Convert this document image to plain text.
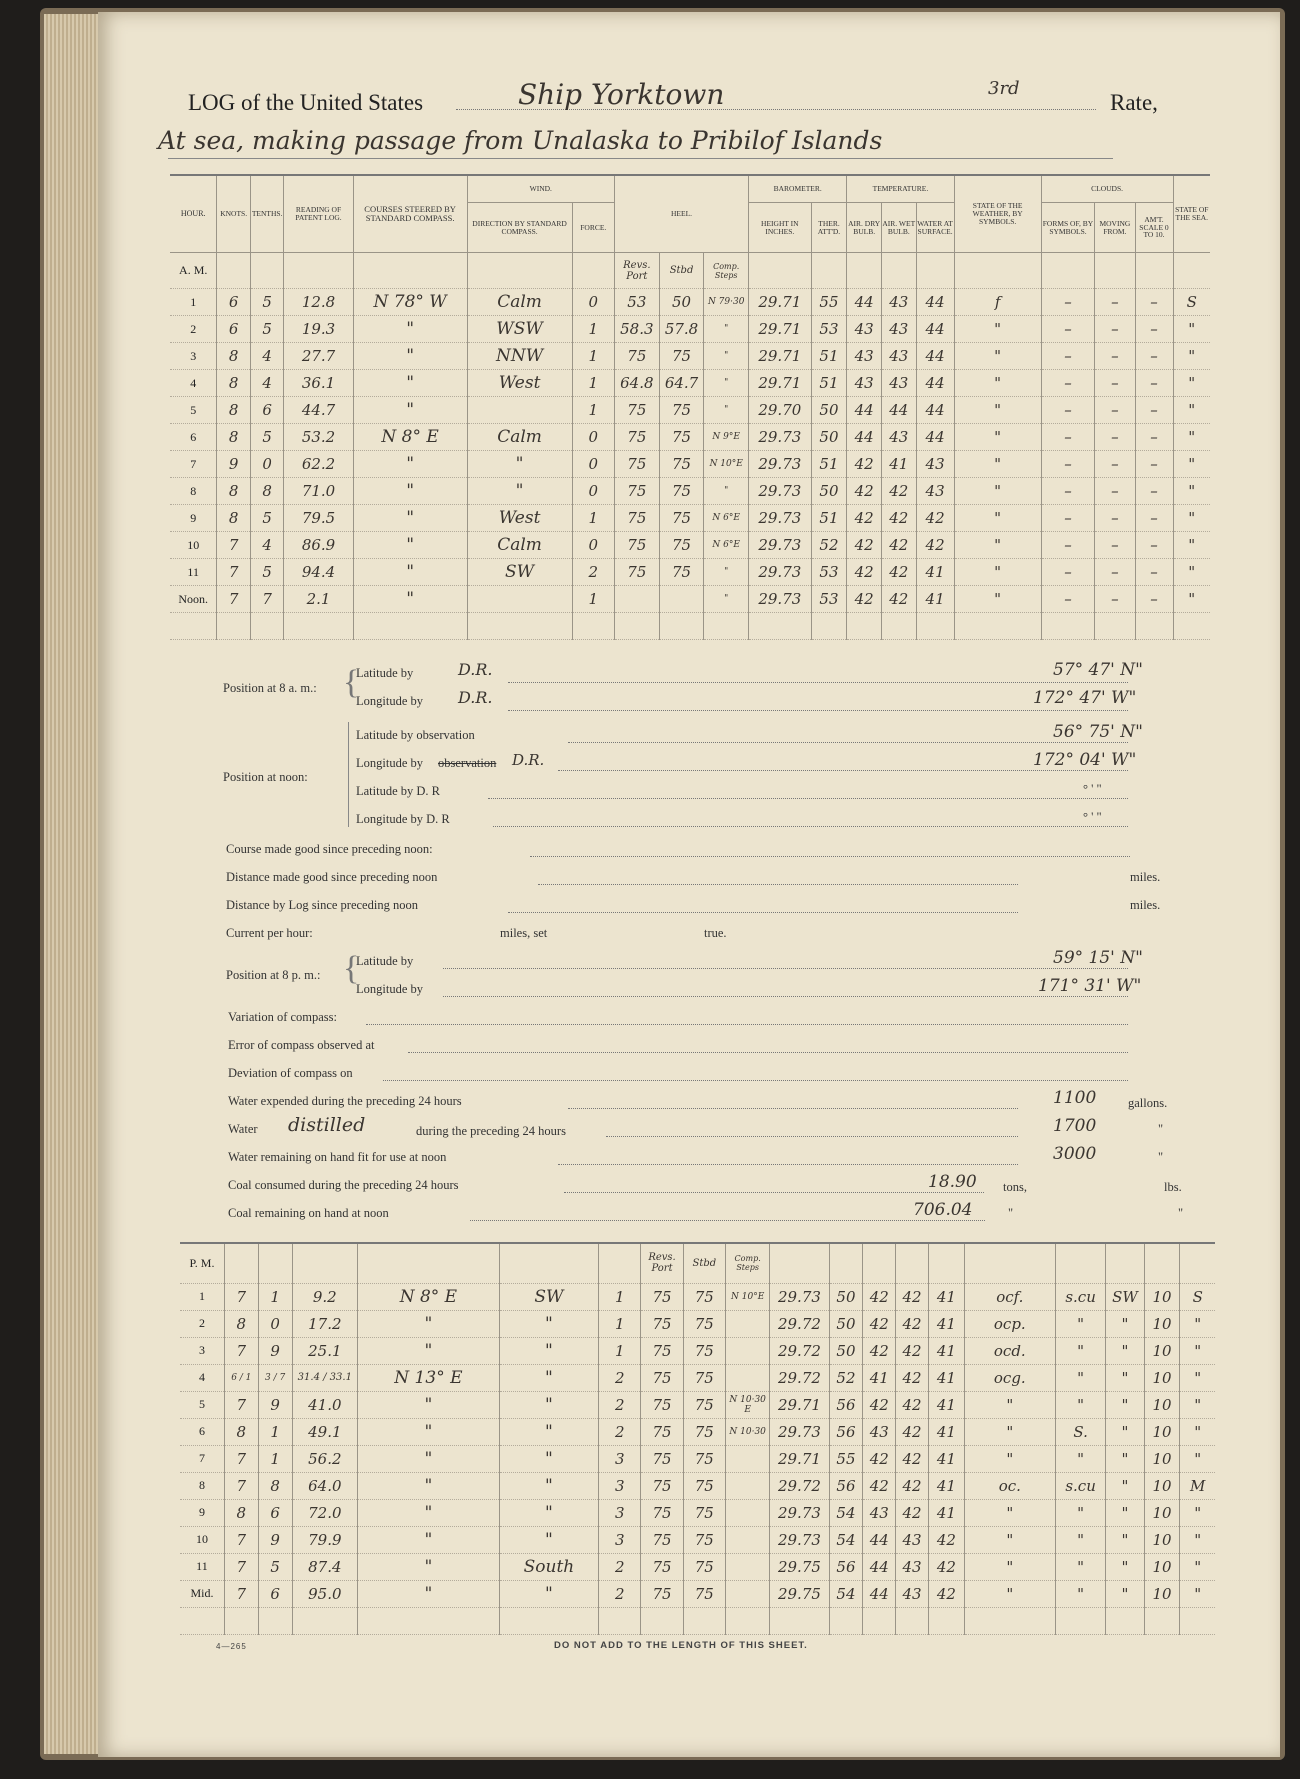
LOG of the United States	Ship Yorktown	3rd
Rate,
At sea, making passage from Unalaska to Pribilof Islands
HOUR.	KNOTS.	TENTHS.	READING OF PATENT LOG.	COURSES STEERED BY STANDARD COMPASS.	WIND.		HEEL.			BAROMETER.		TEMPERATURE.			STATE OF THE WEATHER, BY SYMBOLS.	CLOUDS.			STATE OF THE SEA.
					DIRECTION BY STANDARD COMPASS.	FORCE.				HEIGHT IN INCHES.	THER. ATT'D.	AIR. DRY BULB.	AIR. WET BULB.	WATER AT SURFACE.		FORMS OF, BY SYMBOLS.	MOVING FROM.	AM'T. SCALE 0 TO 10.	
A. M.							Revs. Port	Stbd	Comp. Steps										
1	6	5	12.8	N 78° W	Calm	0	53	50	N 79·30	29.71	55	44	43	44	f	–	–	–	S
2	6	5	19.3	"	WSW	1	58.3	57.8	"	29.71	53	43	43	44	"	–	–	–	"
3	8	4	27.7	"	NNW	1	75	75	"	29.71	51	43	43	44	"	–	–	–	"
4	8	4	36.1	"	West	1	64.8	64.7	"	29.71	51	43	43	44	"	–	–	–	"
5	8	6	44.7	"		1	75	75	"	29.70	50	44	44	44	"	–	–	–	"
6	8	5	53.2	N 8° E	Calm	0	75	75	N 9°E	29.73	50	44	43	44	"	–	–	–	"
7	9	0	62.2	"	"	0	75	75	N 10°E	29.73	51	42	41	43	"	–	–	–	"
8	8	8	71.0	"	"	0	75	75	"	29.73	50	42	42	43	"	–	–	–	"
9	8	5	79.5	"	West	1	75	75	N 6°E	29.73	51	42	42	42	"	–	–	–	"
10	7	4	86.9	"	Calm	0	75	75	N 6°E	29.73	52	42	42	42	"	–	–	–	"
11	7	5	94.4	"	SW	2	75	75	"	29.73	53	42	42	41	"	–	–	–	"
Noon.	7	7	2.1	"		1			"	29.73	53	42	42	41	"	–	–	–	"

Position at 8 a. m.: {
Latitude by	D.R.	57° 47' N"
Longitude by D.R.	172° 47' W"
Position at noon:
Latitude by observation	56° 75' N"
Longitude by observation D.R.	172° 04' W"
Latitude by D. R	° ' "
Longitude by D. R	° ' "
Course made good since preceding noon:
Distance made good since preceding noon	miles.
Distance by Log since preceding noon	miles.
Current per hour:	miles, set	true.
Position at 8 p. m.: {
Latitude by	59° 15' N"
Longitude by	171° 31' W"
Variation of compass:
Error of compass observed at
Deviation of compass on
Water expended during the preceding 24 hours	1100	gallons.
Water distilled	during the preceding 24 hours	1700	"
Water remaining on hand fit for use at noon	3000	"
Coal consumed during the preceding 24 hours	18.90 tons,	lbs.
Coal remaining on hand at noon	706.04	"	"
P. M.							Revs. Port	Stbd	Comp. Steps										
1	7	1	9.2	N 8° E	SW	1	75	75	N 10°E	29.73	50	42	42	41	ocf.	s.cu	SW	10	S
2	8	0	17.2	"	"	1	75	75		29.72	50	42	42	41	ocp.	"	"	10	"
3	7	9	25.1	"	"	1	75	75		29.72	50	42	42	41	ocd.	"	"	10	"
4	6 / 1	3 / 7	31.4 / 33.1	N 13° E	"	2	75	75		29.72	52	41	42	41	ocg.	"	"	10	"
5	7	9	41.0	"	"	2	75	75	N 10·30 E	29.71	56	42	42	41	"	"	"	10	"
6	8	1	49.1	"	"	2	75	75	N 10·30	29.73	56	43	42	41	"	S.	"	10	"
7	7	1	56.2	"	"	3	75	75		29.71	55	42	42	41	"	"	"	10	"
8	7	8	64.0	"	"	3	75	75		29.72	56	42	42	41	oc.	s.cu	"	10	M
9	8	6	72.0	"	"	3	75	75		29.73	54	43	42	41	"	"	"	10	"
10	7	9	79.9	"	"	3	75	75		29.73	54	44	43	42	"	"	"	10	"
11	7	5	87.4	"	South	2	75	75		29.75	56	44	43	42	"	"	"	10	"
Mid.	7	6	95.0	"	"	2	75	75		29.75	54	44	43	42	"	"	"	10	"

4—265	DO NOT ADD TO THE LENGTH OF THIS SHEET.
